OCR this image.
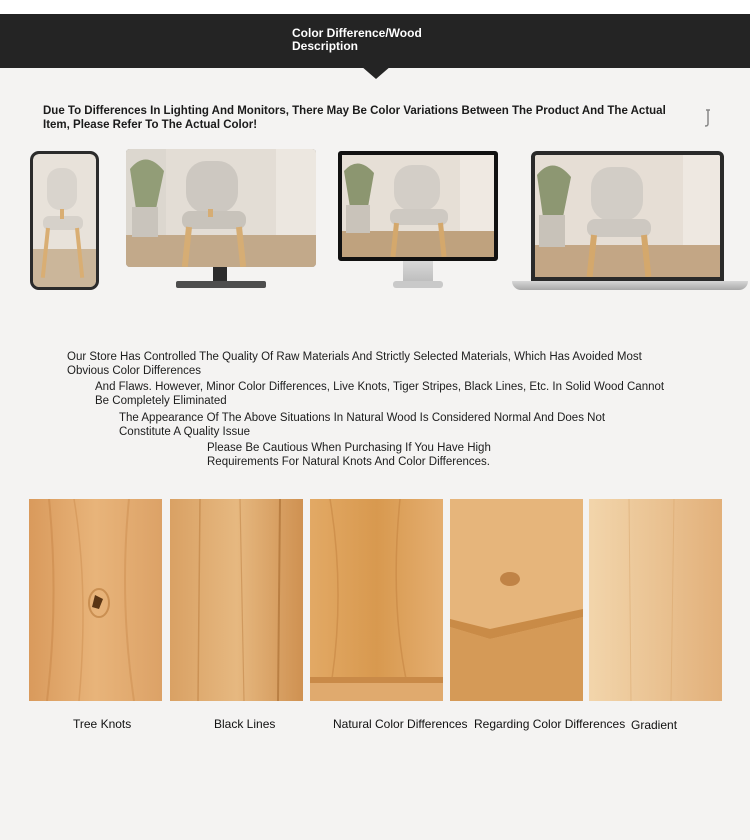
Color Difference/Wood
Description
Due To Differences In Lighting And Monitors, There May Be Color Variations Between The Product And The Actual Item, Please Refer To The Actual Color!
Our Store Has Controlled The Quality Of Raw Materials And Strictly Selected Materials, Which Has Avoided Most Obvious Color Differences
And Flaws. However, Minor Color Differences, Live Knots, Tiger Stripes, Black Lines, Etc. In Solid Wood Cannot Be Completely Eliminated
The Appearance Of The Above Situations In Natural Wood Is Considered Normal And Does Not Constitute A Quality Issue
Please Be Cautious When Purchasing If You Have High Requirements For Natural Knots And Color Differences.
Tree Knots	Black Lines	Natural Color Differences Regarding Color Differences Gradient
